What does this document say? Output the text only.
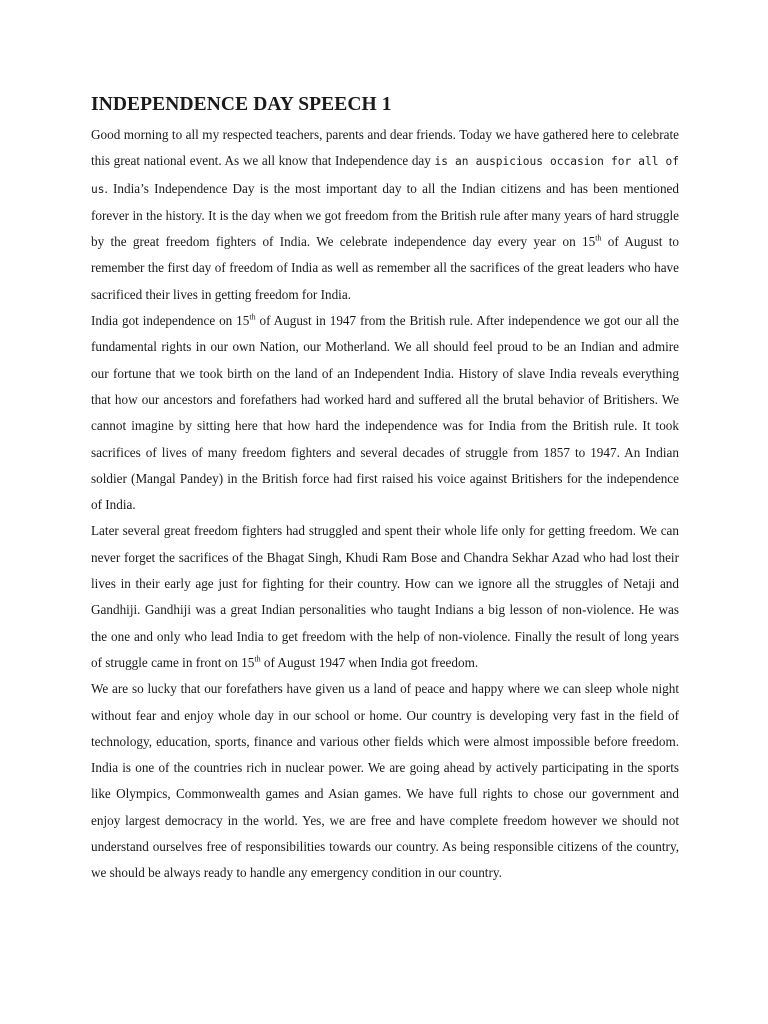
INDEPENDENCE DAY SPEECH 1

Good morning to all my respected teachers, parents and dear friends. Today we have gathered here to celebrate this great national event. As we all know that Independence day is an auspicious occasion for all of us. India’s Independence Day is the most important day to all the Indian citizens and has been mentioned forever in the history. It is the day when we got freedom from the British rule after many years of hard struggle by the great freedom fighters of India. We celebrate independence day every year on 15th of August to remember the first day of freedom of India as well as remember all the sacrifices of the great leaders who have sacrificed their lives in getting freedom for India.

India got independence on 15th of August in 1947 from the British rule. After independence we got our all the fundamental rights in our own Nation, our Motherland. We all should feel proud to be an Indian and admire our fortune that we took birth on the land of an Independent India. History of slave India reveals everything that how our ancestors and forefathers had worked hard and suffered all the brutal behavior of Britishers. We cannot imagine by sitting here that how hard the independence was for India from the British rule. It took sacrifices of lives of many freedom fighters and several decades of struggle from 1857 to 1947. An Indian soldier (Mangal Pandey) in the British force had first raised his voice against Britishers for the independence of India.

Later several great freedom fighters had struggled and spent their whole life only for getting freedom. We can never forget the sacrifices of the Bhagat Singh, Khudi Ram Bose and Chandra Sekhar Azad who had lost their lives in their early age just for fighting for their country. How can we ignore all the struggles of Netaji and Gandhiji. Gandhiji was a great Indian personalities who taught Indians a big lesson of non-violence. He was the one and only who lead India to get freedom with the help of non-violence. Finally the result of long years of struggle came in front on 15th of August 1947 when India got freedom.

We are so lucky that our forefathers have given us a land of peace and happy where we can sleep whole night without fear and enjoy whole day in our school or home. Our country is developing very fast in the field of technology, education, sports, finance and various other fields which were almost impossible before freedom. India is one of the countries rich in nuclear power. We are going ahead by actively participating in the sports like Olympics, Commonwealth games and Asian games. We have full rights to chose our government and enjoy largest democracy in the world. Yes, we are free and have complete freedom however we should not understand ourselves free of responsibilities towards our country. As being responsible citizens of the country, we should be always ready to handle any emergency condition in our country.
